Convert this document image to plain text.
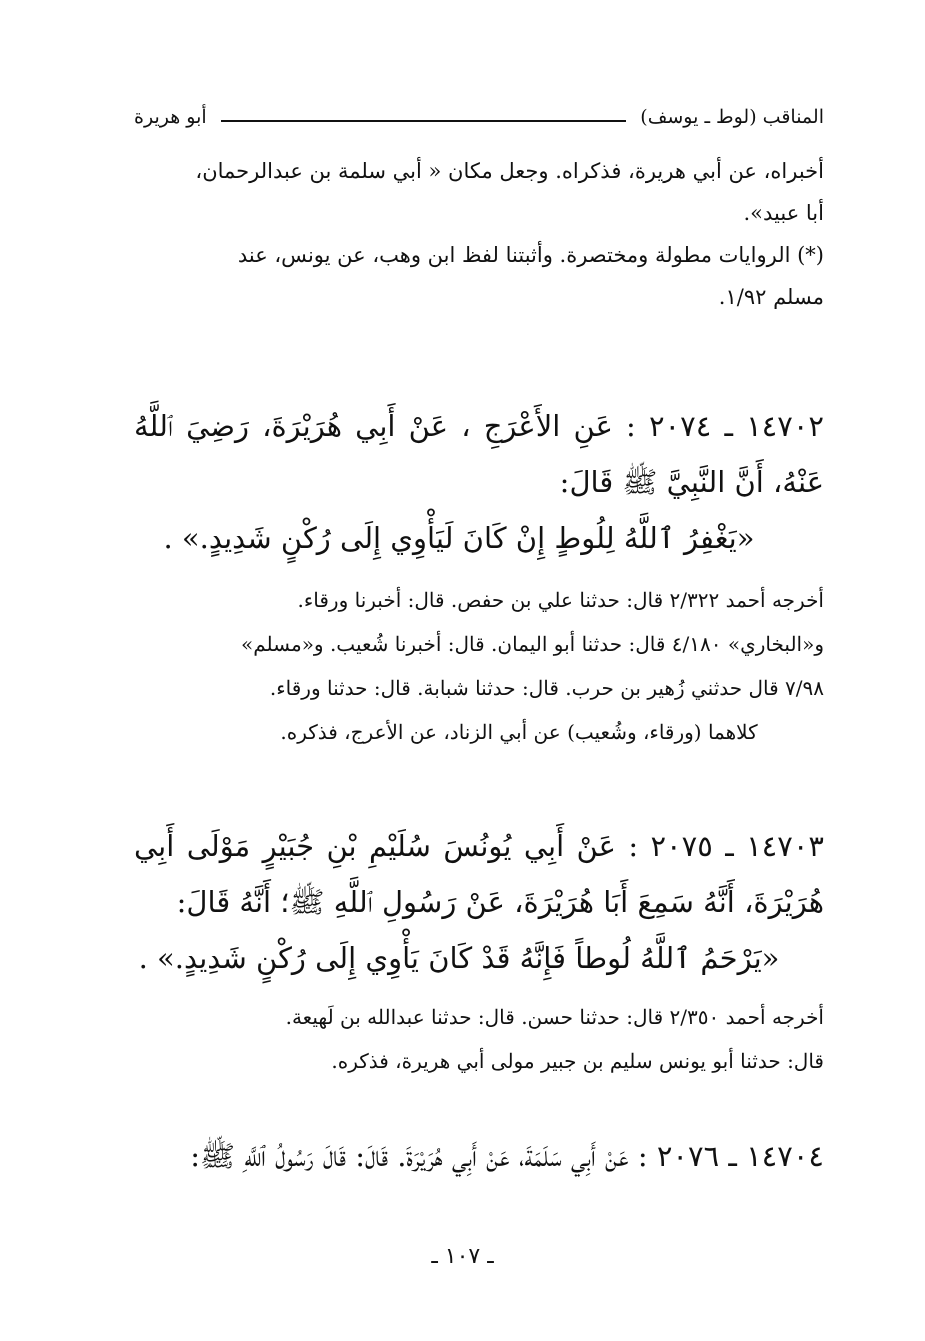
المناقب (لوط ـ يوسف)
أبو هريرة

أخبراه، عن أبي هريرة، فذكراه. وجعل مكان « أبي سلمة بن عبدالرحمان،

أبا عبيد».

(*) الروايات مطولة ومختصرة. وأثبتنا لفظ ابن وهب، عن يونس، عند

مسلم ١/٩٢.

١٤٧٠٢ ـ ٢٠٧٤ : عَنِ الأَعْرَجِ ، عَنْ أَبِي هُرَيْرَةَ، رَضِيَ ٱللَّهُ عَنْهُ، أَنَّ النَّبِيَّ ﷺ قَالَ:

«يَغْفِرُ ٱللَّهُ لِلُوطٍ إِنْ كَانَ لَيَأْوِي إِلَى رُكْنٍ شَدِيدٍ.» .

أخرجه أحمد ٢/٣٢٢ قال: حدثنا علي بن حفص. قال: أخبرنا ورقاء.

و«البخاري» ٤/١٨٠ قال: حدثنا أبو اليمان. قال: أخبرنا شُعيب. و«مسلم»

٧/٩٨ قال حدثني زُهير بن حرب. قال: حدثنا شبابة. قال: حدثنا ورقاء.

كلاهما (ورقاء، وشُعيب) عن أبي الزناد، عن الأعرج، فذكره.

١٤٧٠٣ ـ ٢٠٧٥ : عَنْ أَبِي يُونُسَ سُلَيْمِ بْنِ جُبَيْرٍ مَوْلَى أَبِي هُرَيْرَةَ، أَنَّهُ سَمِعَ أَبَا هُرَيْرَةَ، عَنْ رَسُولِ ٱللَّهِ ﷺ؛ أَنَّهُ قَالَ:

«يَرْحَمُ ٱللَّهُ لُوطاً فَإِنَّهُ قَدْ كَانَ يَأْوِي إِلَى رُكْنٍ شَدِيدٍ.» .

أخرجه أحمد ٢/٣٥٠ قال: حدثنا حسن. قال: حدثنا عبدالله بن لَهيعة.

قال: حدثنا أبو يونس سليم بن جبير مولى أبي هريرة، فذكره.

١٤٧٠٤ ـ ٢٠٧٦ : عَنْ أَبِي سَلَمَةَ، عَنْ أَبِي هُرَيْرَةَ. قَالَ: قَالَ رَسُولُ ٱللَّهِ ﷺ:

ـ ١٠٧ ـ
